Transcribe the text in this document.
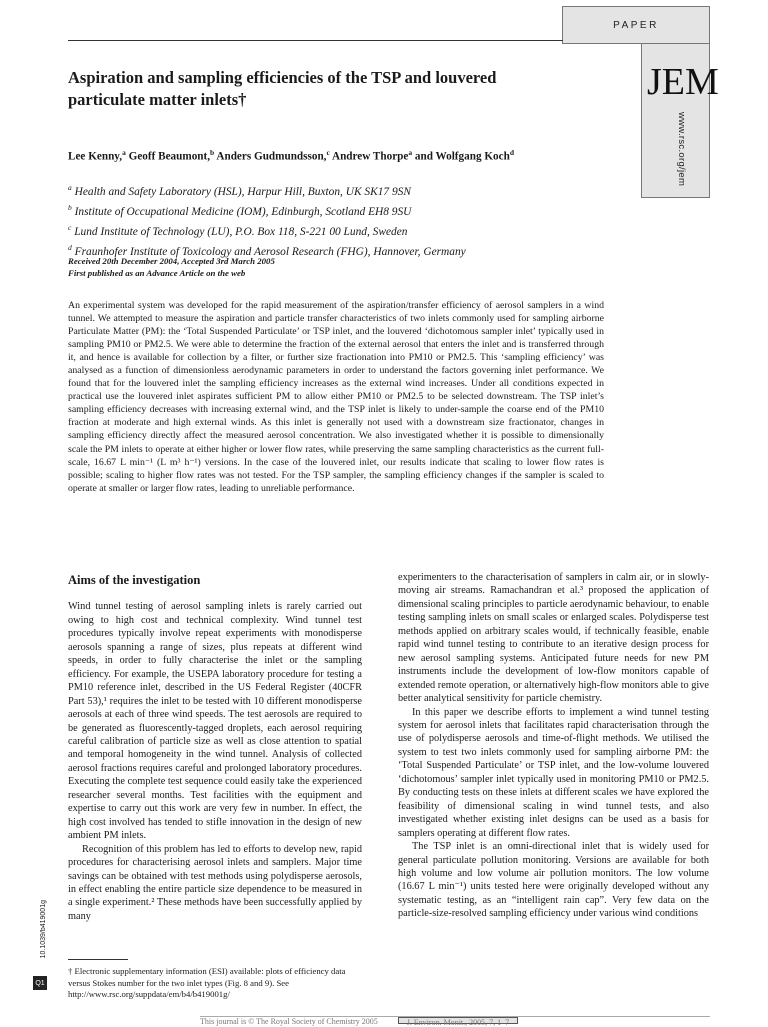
PAPER
JEM
www.rsc.org/jem
Aspiration and sampling efficiencies of the TSP and louvered
particulate matter inlets†
Lee Kenny,$^a$ Geoff Beaumont,$^b$ Anders Gudmundsson,$^c$ Andrew Thorpe$^a$ and Wolfgang Koch$^d$
$^a$ Health and Safety Laboratory (HSL), Harpur Hill, Buxton, UK SK17 9SN
$^b$ Institute of Occupational Medicine (IOM), Edinburgh, Scotland EH8 9SU
$^c$ Lund Institute of Technology (LU), P.O. Box 118, S-221 00 Lund, Sweden
$^d$ Fraunhofer Institute of Toxicology and Aerosol Research (FHG), Hannover, Germany
Received 20th December 2004, Accepted 3rd March 2005
First published as an Advance Article on the web
An experimental system was developed for the rapid measurement of the aspiration/transfer efficiency of aerosol samplers in a wind tunnel. We attempted to measure the aspiration and particle transfer characteristics of two inlets commonly used for sampling airborne Particulate Matter (PM): the ‘Total Suspended Particulate’ or TSP inlet, and the louvered ‘dichotomous sampler inlet’ typically used in sampling PM10 or PM2.5. We were able to determine the fraction of the external aerosol that enters the inlet and is transferred through it, and hence is available for collection by a filter, or further size fractionation into PM10 or PM2.5. This ‘sampling efficiency’ was analysed as a function of dimensionless aerodynamic parameters in order to understand the factors governing inlet performance. We found that for the louvered inlet the sampling efficiency increases as the external wind increases. Under all conditions expected in practical use the louvered inlet aspirates sufficient PM to allow either PM10 or PM2.5 to be selected downstream. The TSP inlet’s sampling efficiency decreases with increasing external wind, and the TSP inlet is likely to under-sample the coarse end of the PM10 fraction at moderate and high external winds. As this inlet is generally not used with a downstream size fractionator, changes in sampling efficiency directly affect the measured aerosol concentration. We also investigated whether it is possible to dimensionally scale the PM inlets to operate at either higher or lower flow rates, while preserving the same sampling characteristics as the current full-scale, 16.67 L min⁻¹ (L m³ h⁻¹) versions. In the case of the louvered inlet, our results indicate that scaling to lower flow rates is possible; scaling to higher flow rates was not tested. For the TSP sampler, the sampling efficiency changes if the sampler is scaled to operate at smaller or larger flow rates, leading to unreliable performance.
Aims of the investigation

Wind tunnel testing of aerosol sampling inlets is rarely carried out owing to high cost and technical complexity. Wind tunnel test procedures typically involve repeat experiments with monodisperse aerosols spanning a range of sizes, plus repeats at different wind speeds, in order to fully characterise the inlet or the sampling efficiency. For example, the USEPA laboratory procedure for testing a PM10 reference inlet, described in the US Federal Register (40CFR Part 53),¹ requires the inlet to be tested with 10 different monodisperse aerosols at each of three wind speeds. The test aerosols are required to be generated as fluorescently-tagged droplets, each aerosol requiring careful calibration of particle size as well as close attention to spatial and temporal homogeneity in the wind tunnel. Analysis of collected aerosol fractions requires careful and prolonged laboratory procedures. Executing the complete test sequence could easily take the experienced researcher several months. Test facilities with the equipment and expertise to carry out this work are very few in number. In effect, the high cost involved has tended to stifle innovation in the design of new ambient PM inlets.

Recognition of this problem has led to efforts to develop new, rapid procedures for characterising aerosol inlets and samplers. Major time savings can be obtained with test methods using polydisperse aerosols, in effect enabling the entire particle size dependence to be measured in a single experiment.² These methods have been successfully applied by many

† Electronic supplementary information (ESI) available: plots of efficiency data versus Stokes number for the two inlet types (Fig. 8 and 9). See http://www.rsc.org/suppdata/em/b4/b419001g/

experimenters to the characterisation of samplers in calm air, or in slowly-moving air streams. Ramachandran et al.³ proposed the application of dimensional scaling principles to particle aerodynamic behaviour, to enable testing sampling inlets on small scales or enlarged scales. Polydisperse test methods applied on arbitrary scales would, if technically feasible, enable rapid wind tunnel testing to contribute to an iterative design process for new aerosol sampling systems. Anticipated future needs for new PM instruments include the development of low-flow monitors capable of extended remote operation, or alternatively high-flow monitors able to give better analytical sensitivity for particle chemistry.

In this paper we describe efforts to implement a wind tunnel testing system for aerosol inlets that facilitates rapid characterisation through the use of polydisperse aerosols and time-of-flight methods. We utilised the system to test two inlets commonly used for sampling airborne PM: the ‘Total Suspended Particulate’ or TSP inlet, and the low-volume louvered ‘dichotomous’ sampler inlet typically used in monitoring PM10 or PM2.5. By conducting tests on these inlets at different scales we have explored the feasibility of dimensional scaling in wind tunnel tests, and also investigated whether existing inlet designs can be used as a basis for samplers operating at different flow rates.

The TSP inlet is an omni-directional inlet that is widely used for general particulate pollution monitoring. Versions are available for both high volume and low volume air pollution monitors. The low volume (16.67 L min⁻¹) units tested here were originally developed without any systematic testing, as an “intelligent rain cap”. Very few data on the particle-size-resolved sampling efficiency under various wind conditions

10.1039/b419001g
Q1
This journal is © The Royal Society of Chemistry 2005	J. Environ. Monit., 2005, 7, 1–7
